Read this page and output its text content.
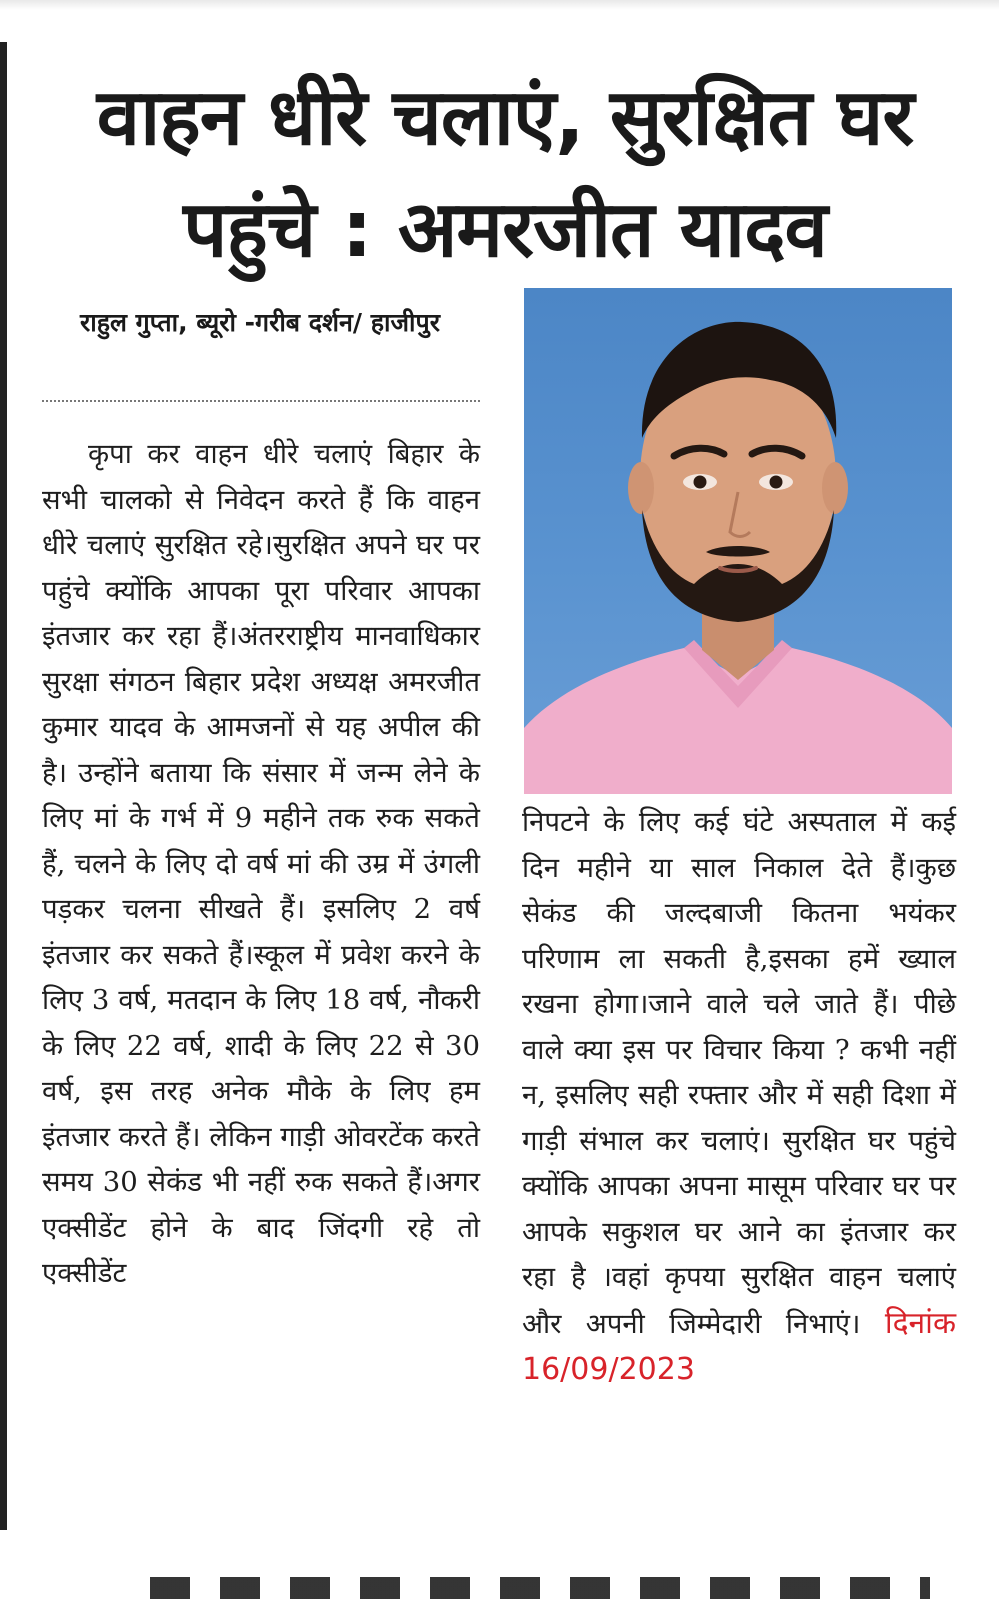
वाहन धीरे चलाएं, सुरक्षित घर पहुंचे : अमरजीत यादव
राहुल गुप्ता, ब्यूरो -गरीब दर्शन/ हाजीपुर
कृपा कर वाहन धीरे चलाएं बिहार के सभी चालको से निवेदन करते हैं कि वाहन धीरे चलाएं सुरक्षित रहे।सुरक्षित अपने घर पर पहुंचे क्योंकि आपका पूरा परिवार आपका इंतजार कर रहा हैं।अंतरराष्ट्रीय मानवाधिकार सुरक्षा संगठन बिहार प्रदेश अध्यक्ष अमरजीत कुमार यादव के आमजनों से यह अपील की है। उन्होंने बताया कि संसार में जन्म लेने के लिए मां के गर्भ में 9 महीने तक रुक सकते हैं, चलने के लिए दो वर्ष मां की उम्र में उंगली पड़कर चलना सीखते हैं। इसलिए 2 वर्ष इंतजार कर सकते हैं।स्कूल में प्रवेश करने के लिए 3 वर्ष, मतदान के लिए 18 वर्ष, नौकरी के लिए 22 वर्ष, शादी के लिए 22 से 30 वर्ष, इस तरह अनेक मौके के लिए हम इंतजार करते हैं। लेकिन गाड़ी ओवरटेंक करते समय 30 सेकंड भी नहीं रुक सकते हैं।अगर एक्सीडेंट होने के बाद जिंदगी रहे तो एक्सीडेंट
निपटने के लिए कई घंटे अस्पताल में कई दिन महीने या साल निकाल देते हैं।कुछ सेकंड की जल्दबाजी कितना भयंकर परिणाम ला सकती है,इसका हमें ख्याल रखना होगा।जाने वाले चले जाते हैं। पीछे वाले क्या इस पर विचार किया ? कभी नहीं न, इसलिए सही रफ्तार और में सही दिशा में गाड़ी संभाल कर चलाएं। सुरक्षित घर पहुंचे क्योंकि आपका अपना मासूम परिवार घर पर आपके सकुशल घर आने का इंतजार कर रहा है ।वहां कृपया सुरक्षित वाहन चलाएं और अपनी जिम्मेदारी निभाएं। दिनांक 16/09/2023
